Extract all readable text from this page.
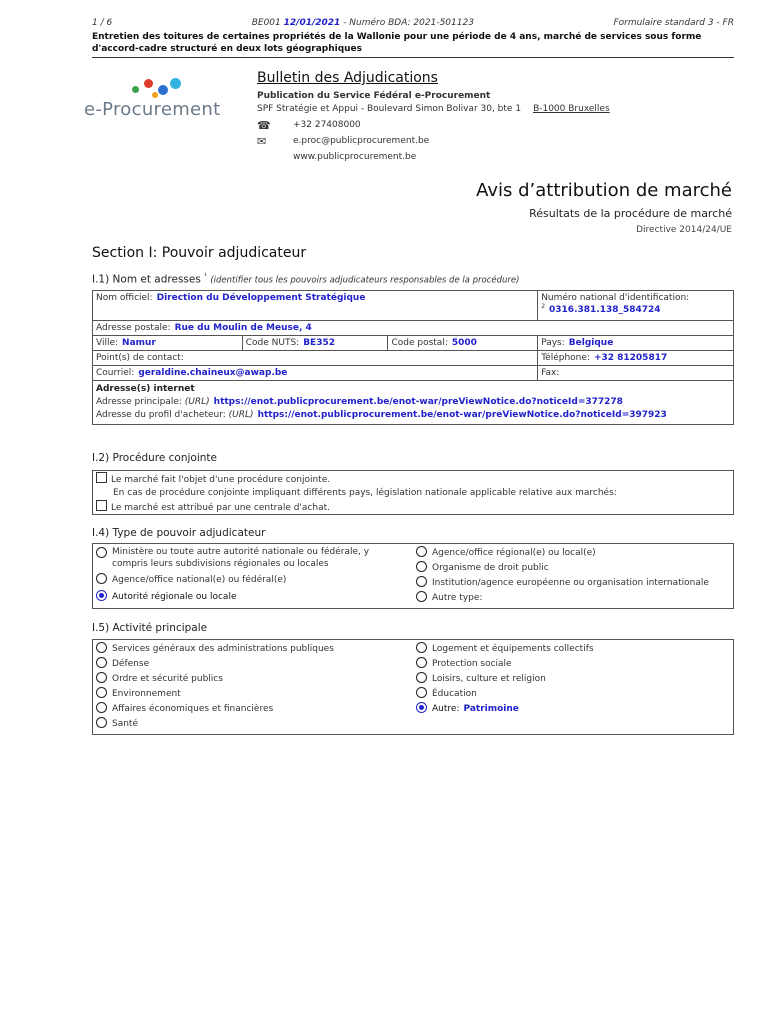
1 / 6	BE001 12/01/2021 - Numéro BDA: 2021-501123	Formulaire standard 3 - FR
Entretien des toitures de certaines propriétés de la Wallonie pour une période de 4 ans, marché de services sous forme d'accord-cadre structuré en deux lots géographiques
e-Procurement
Bulletin des Adjudications
Publication du Service Fédéral e-Procurement
SPF Stratégie et Appui - Boulevard Simon Bolivar 30, bte 1 B-1000 Bruxelles
☎	+32 27408000
✉	e.proc@publicprocurement.be
www.publicprocurement.be
Avis d’attribution de marché
Résultats de la procédure de marché
Directive 2014/24/UE
Section I: Pouvoir adjudicateur
I.1) Nom et adresses $^{^1}$ (identifier tous les pouvoirs adjudicateurs responsables de la procédure)
Nom officiel: Direction du Développement Stratégique			Numéro national d'identification: $^2$ 0316.381.138_584724
Adresse postale: Rue du Moulin de Meuse, 4			
Ville: Namur	Code NUTS: BE352	Code postal: 5000	Pays: Belgique
Point(s) de contact:			Téléphone: +32 81205817
Courriel: geraldine.chaineux@awap.be			Fax:

Adresse(s) internet
Adresse principale: (URL) https://enot.publicprocurement.be/enot-war/preViewNotice.do?noticeId=377278
Adresse du profil d'acheteur: (URL) https://enot.publicprocurement.be/enot-war/preViewNotice.do?noticeId=397923			
I.2) Procédure conjointe
Le marché fait l'objet d'une procédure conjointe.
En cas de procédure conjointe impliquant différents pays, législation nationale applicable relative aux marchés:
Le marché est attribué par une centrale d'achat.
I.4) Type de pouvoir adjudicateur
Ministère ou toute autre autorité nationale ou fédérale, y compris leurs subdivisions régionales ou locales
Agence/office national(e) ou fédéral(e)
Autorité régionale ou locale
Agence/office régional(e) ou local(e)
Organisme de droit public
Institution/agence européenne ou organisation internationale
Autre type:
I.5) Activité principale
Services généraux des administrations publiques
Défense
Ordre et sécurité publics
Environnement
Affaires économiques et financières
Santé
Logement et équipements collectifs
Protection sociale
Loisirs, culture et religion
Éducation
Autre: Patrimoine
